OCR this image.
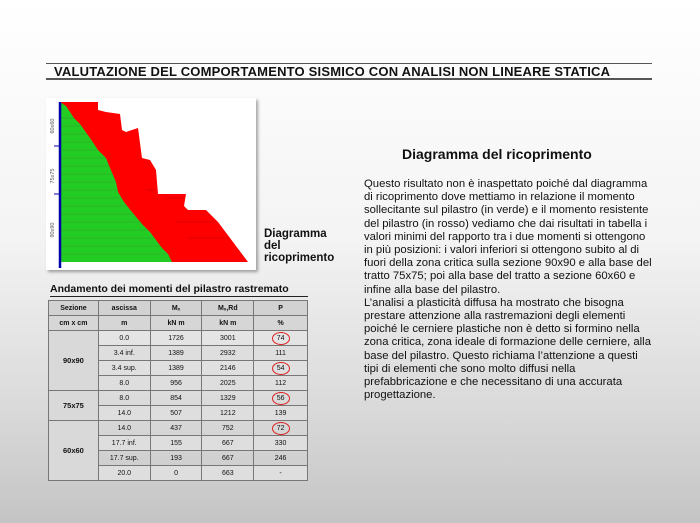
VALUTAZIONE DEL COMPORTAMENTO SISMICO CON ANALISI NON LINEARE STATICA
60x60
75x75
90x90	Diagramma
del
ricoprimento
Diagramma del ricoprimento

Questo risultato non è inaspettato poiché dal diagramma di ricoprimento dove mettiamo in relazione il momento sollecitante sul pilastro (in verde) e il momento resistente del pilastro (in rosso) vediamo che dai risultati in tabella i valori minimi del rapporto tra i due momenti si ottengono in più posizioni: i valori inferiori si ottengono subito al di fuori della zona critica sulla sezione 90x90 e alla base del tratto 75x75; poi alla base del tratto a sezione 60x60 e infine alla base del pilastro.

L’analisi a plasticità diffusa ha mostrato che bisogna prestare attenzione alla rastremazioni degli elementi poiché le cerniere plastiche non è detto si formino nella zona critica, zona ideale di formazione delle cerniere, alla base del pilastro. Questo richiama l’attenzione a questi tipi di elementi che sono molto diffusi nella prefabbricazione e che necessitano di una accurata progettazione.

Andamento dei momenti del pilastro rastremato
Sezione	ascissa	Mₓ	Mₓ,Rd	P
cm x cm	m	kN m	kN m	%
90x90	0.0	1726	3001	74
	3.4 inf.	1389	2932	111
	3.4 sup.	1389	2146	54
	8.0	956	2025	112
75x75	8.0	854	1329	56
	14.0	507	1212	139
60x60	14.0	437	752	72
	17.7 inf.	155	667	330
	17.7 sup.	193	667	246
	20.0	0	663	-
